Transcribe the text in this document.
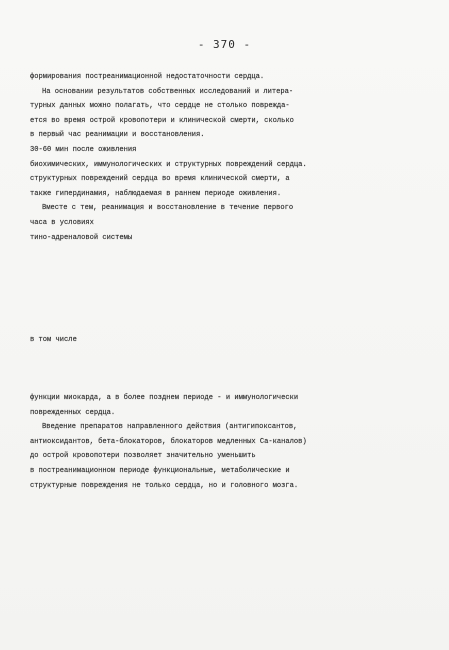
- 370 -
формирования постреанимационной недостаточности сердца.
На основании результатов собственных исследований и литера-
турных данных можно полагать, что сердце не столько поврежда-
ется во время острой кровопотери и клинической смерти, сколько
в первый час реанимации и восстановления.
30-60 мин после оживления
биохимических, иммунологических и структурных повреждений сердца.
структурных повреждений сердца во время клинической смерти, а
также гипердинамия, наблюдаемая в раннем периоде оживления.
Вместе с тем, реанимация и восстановление в течение первого
часа в условиях
тино-адреналовой системы
в том числе
функции миокарда, а в более позднем периоде - и иммунологически
поврежденных сердца.
Введение препаратов направленного действия (антигипоксантов,
антиоксидантов, бета-блокаторов, блокаторов медленных Са-каналов)
до острой кровопотери позволяет значительно уменьшить
в постреанимационном периоде функциональные, метаболические и
структурные повреждения не только сердца, но и головного мозга.
